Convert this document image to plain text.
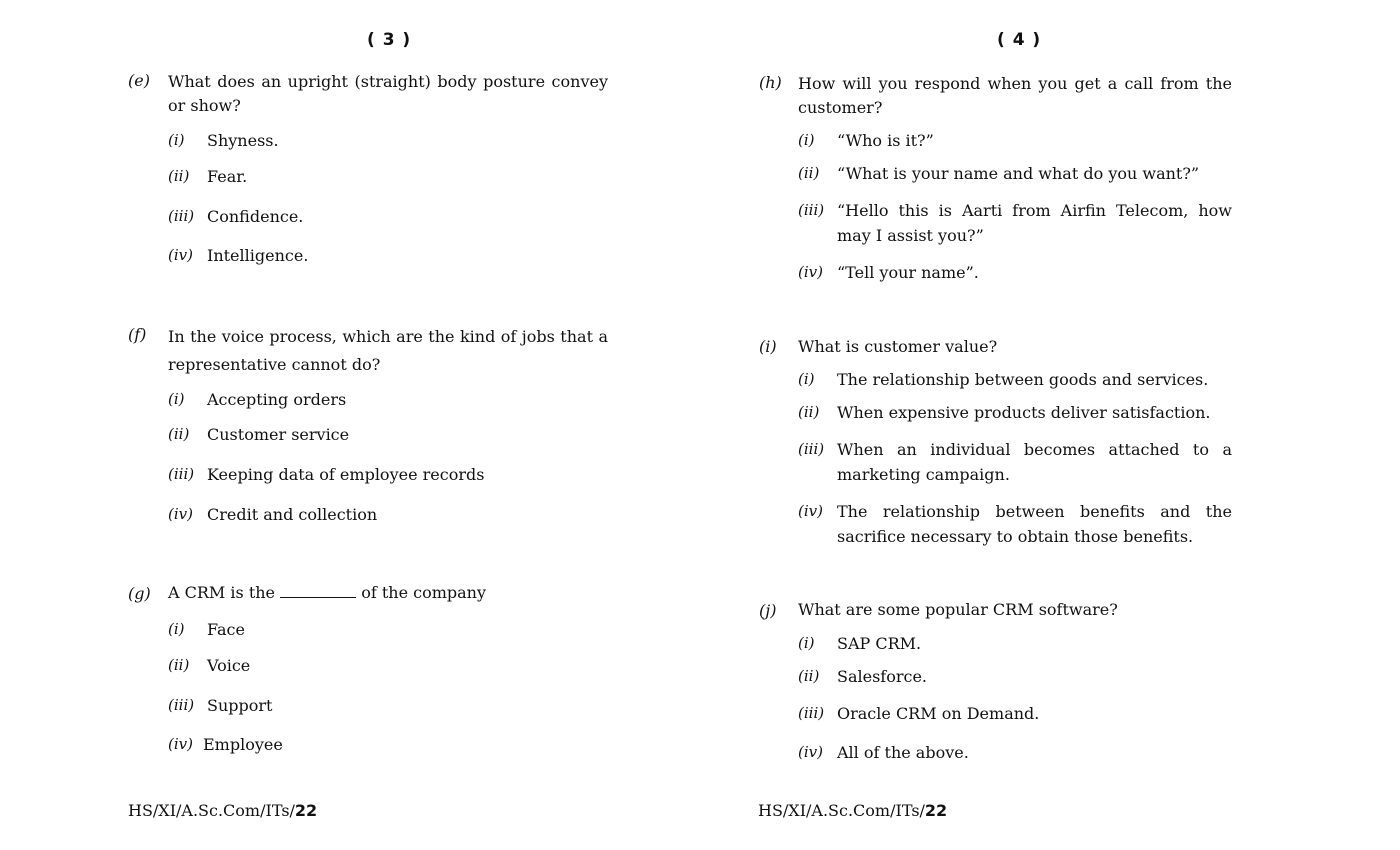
( 3 )
(e) What does an upright (straight) body posture convey or show?
(i) Shyness.
(ii) Fear.
(iii) Confidence.
(iv) Intelligence.
(f) In the voice process, which are the kind of jobs that a representative cannot do?
(i) Accepting orders
(ii) Customer service
(iii) Keeping data of employee records
(iv) Credit and collection
(g) A CRM is the	of the company
(i) Face
(ii) Voice
(iii) Support
(iv) Employee
HS/XI/A.Sc.Com/ITs/22
( 4 )
(h) How will you respond when you get a call from the customer?
(i) “Who is it?”
(ii) “What is your name and what do you want?”
(iii) “Hello this is Aarti from Airfin Telecom, how may I assist you?”
(iv) “Tell your name”.
(i) What is customer value?
(i) The relationship between goods and services.
(ii) When expensive products deliver satisfaction.
(iii) When an individual becomes attached to a marketing campaign.
(iv) The relationship between benefits and the sacrifice necessary to obtain those benefits.
(j) What are some popular CRM software?
(i) SAP CRM.
(ii) Salesforce.
(iii) Oracle CRM on Demand.
(iv) All of the above.
HS/XI/A.Sc.Com/ITs/22
